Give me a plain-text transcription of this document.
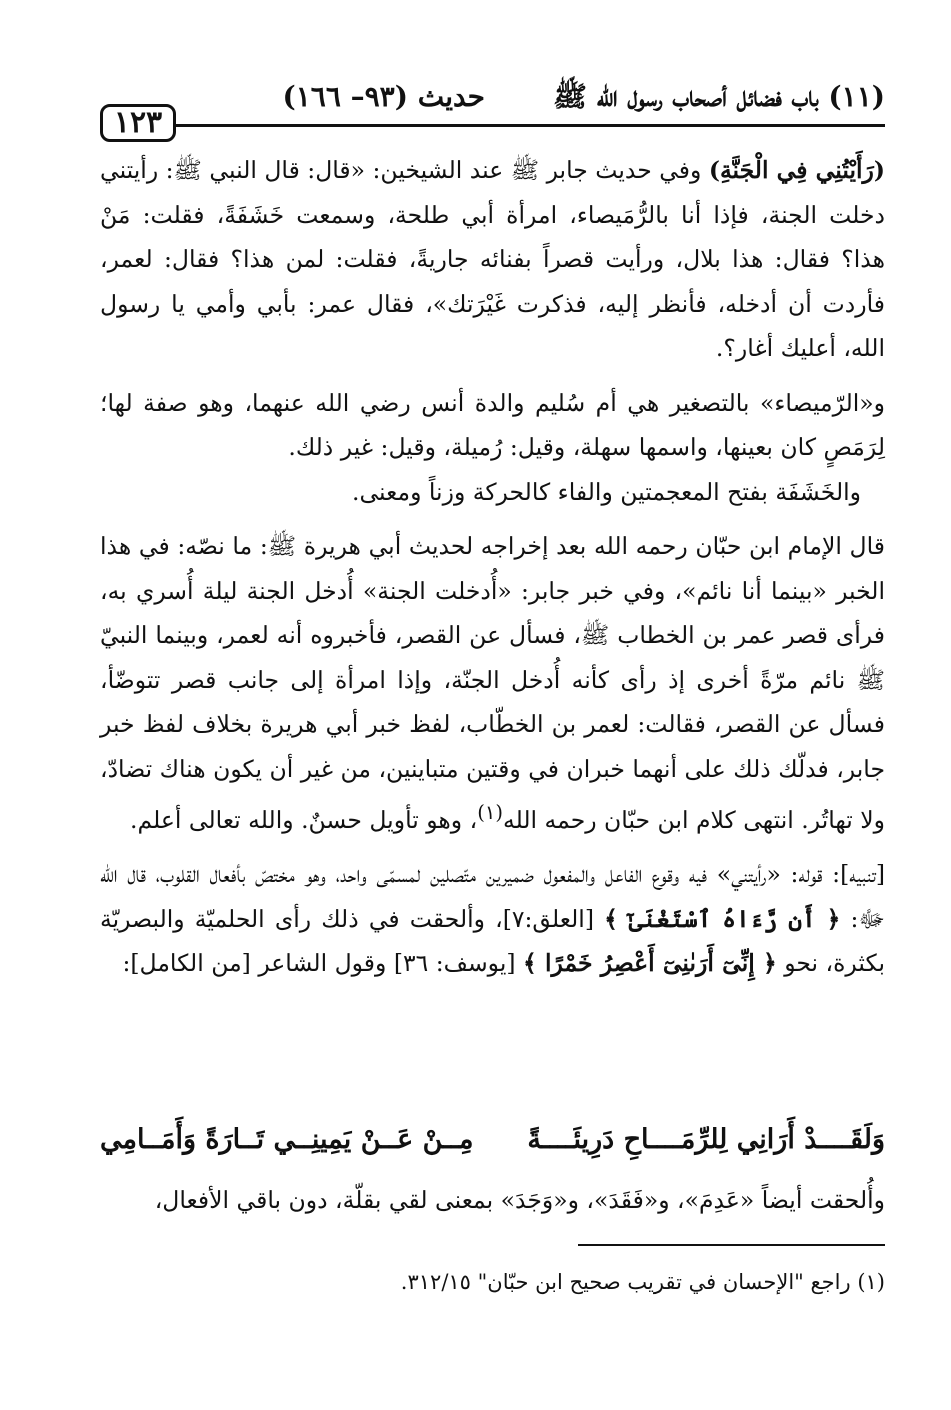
(١١) باب فضائل أصحاب رسول الله ﷺ
حديث (٩٣– ١٦٦)
١٢٣

(رَأَيْتُنِي فِي الْجَنَّةِ) وفي حديث جابر ﷺ عند الشيخين: «قال: قال النبي ﷺ: رأيتني دخلت الجنة، فإذا أنا بالرُّمَيصاء، امرأة أبي طلحة، وسمعت خَشَفَةً، فقلت: مَنْ هذا؟ فقال: هذا بلال، ورأيت قصراً بفنائه جاريةً، فقلت: لمن هذا؟ فقال: لعمر، فأردت أن أدخله، فأنظر إليه، فذكرت غَيْرَتك»، فقال عمر: بأبي وأمي يا رسول الله، أعليك أغار؟.

و«الرّميصاء» بالتصغير هي أم سُليم والدة أنس رضي الله عنهما، وهو صفة لها؛ لِرَمَصٍ كان بعينها، واسمها سهلة، وقيل: رُميلة، وقيل: غير ذلك.

والخَشَفَة بفتح المعجمتين والفاء كالحركة وزناً ومعنى.

قال الإمام ابن حبّان رحمه الله بعد إخراجه لحديث أبي هريرة ﷺ: ما نصّه: في هذا الخبر «بينما أنا نائم»، وفي خبر جابر: «أُدخلت الجنة» أُدخل الجنة ليلة أُسري به، فرأى قصر عمر بن الخطاب ﷺ، فسأل عن القصر، فأخبروه أنه لعمر، وبينما النبيّ ﷺ نائم مرّةً أخرى إذ رأى كأنه أُدخل الجنّة، وإذا امرأة إلى جانب قصر تتوضّأ، فسأل عن القصر، فقالت: لعمر بن الخطّاب، لفظ خبر أبي هريرة بخلاف لفظ خبر جابر، فدلّك ذلك على أنهما خبران في وقتين متباينين، من غير أن يكون هناك تضادّ، ولا تهاتُر. انتهى كلام ابن حبّان رحمه الله$^{(١)}$، وهو تأويل حسنٌ. والله تعالى أعلم.

[تنبيه]: قوله: «رأيتني» فيه وقوع الفاعل والمفعول ضميرين متّصلين لمسمّى واحد، وهو مختصّ بأفعال القلوب، قال الله ﷻ: ﴿ أَن رَّءَاهُ ٱسْتَغْنَىٰٓ ﴾ [العلق:٧]، وألحقت في ذلك رأى الحلميّة والبصريّة بكثرة، نحو ﴿ إِنِّىٓ أَرَىٰنِىٓ أَعْصِرُ خَمْرًا ﴾ [يوسف: ٣٦] وقول الشاعر [من الكامل]:

وَلَقَــــدْ أَرَانِي لِلرِّمَــــاحِ دَرِيئَــــةً
مِــنْ عَــنْ يَمِينِــي تَــارَةً وَأَمَــامِي
وأُلحقت أيضاً «عَدِمَ»، و«فَقَدَ»، و«وَجَدَ» بمعنى لقي بقلّة، دون باقي الأفعال،
(١) راجع "الإحسان في تقريب صحيح ابن حبّان" ٣١٢/١٥.
